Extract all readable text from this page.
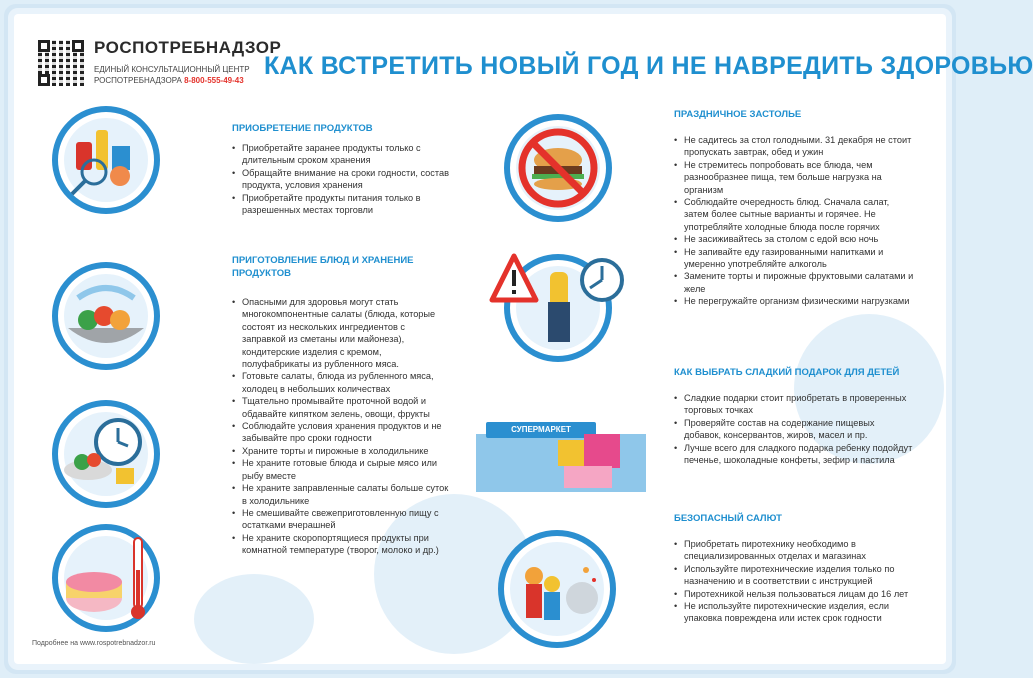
РОСПОТРЕБНАДЗОР
ЕДИНЫЙ КОНСУЛЬТАЦИОННЫЙ ЦЕНТР
РОСПОТРЕБНАДЗОРА 8-800-555-49-43
КАК ВСТРЕТИТЬ НОВЫЙ ГОД И НЕ НАВРЕДИТЬ ЗДОРОВЬЮ
СУПЕРМАРКЕТ
ПРИОБРЕТЕНИЕ ПРОДУКТОВ
• Приобретайте заранее продукты только с длительным сроком хранения
• Обращайте внимание на сроки годности, состав продукта, условия хранения
• Приобретайте продукты питания только в разрешенных местах торговли
ПРИГОТОВЛЕНИЕ БЛЮД И ХРАНЕНИЕ
ПРОДУКТОВ
• Опасными для здоровья могут стать многокомпонентные салаты (блюда, которые состоят из нескольких ингредиентов с заправкой из сметаны или майонеза), кондитерские изделия с кремом, полуфабрикаты из рубленного мяса.
• Готовьте салаты, блюда из рубленного мяса, холодец в небольших количествах
• Тщательно промывайте проточной водой и обдавайте кипятком зелень, овощи, фрукты
• Соблюдайте условия хранения продуктов и не забывайте про сроки годности
• Храните торты и пирожные в холодильнике
• Не храните готовые блюда и сырые мясо или рыбу вместе
• Не храните заправленные салаты больше суток в холодильнике
• Не смешивайте свежеприготовленную пищу с остатками вчерашней
• Не храните скоропортящиеся продукты при комнатной температуре (творог, молоко и др.)
ПРАЗДНИЧНОЕ ЗАСТОЛЬЕ
• Не садитесь за стол голодными. 31 декабря не стоит пропускать завтрак, обед и ужин
• Не стремитесь попробовать все блюда, чем разнообразнее пища, тем больше нагрузка на организм
• Соблюдайте очередность блюд. Сначала салат, затем более сытные варианты и горячее. Не употребляйте холодные блюда после горячих
• Не засиживайтесь за столом с едой всю ночь
• Не запивайте еду газированными напитками и умеренно употребляйте алкоголь
• Замените торты и пирожные фруктовыми салатами и желе
• Не перегружайте организм физическими нагрузками
КАК ВЫБРАТЬ СЛАДКИЙ ПОДАРОК ДЛЯ ДЕТЕЙ
• Сладкие подарки стоит приобретать в проверенных торговых точках
• Проверяйте состав на содержание пищевых добавок, консервантов, жиров, масел и пр.
• Лучше всего для сладкого подарка ребенку подойдут печенье, шоколадные конфеты, зефир и пастила
БЕЗОПАСНЫЙ САЛЮТ
• Приобретать пиротехнику необходимо в специализированных отделах и магазинах
• Используйте пиротехнические изделия только по назначению и в соответствии с инструкцией
• Пиротехникой нельзя пользоваться лицам до 16 лет
• Не используйте пиротехнические изделия, если упаковка повреждена или истек срок годности
Подробнее на www.rospotrebnadzor.ru
